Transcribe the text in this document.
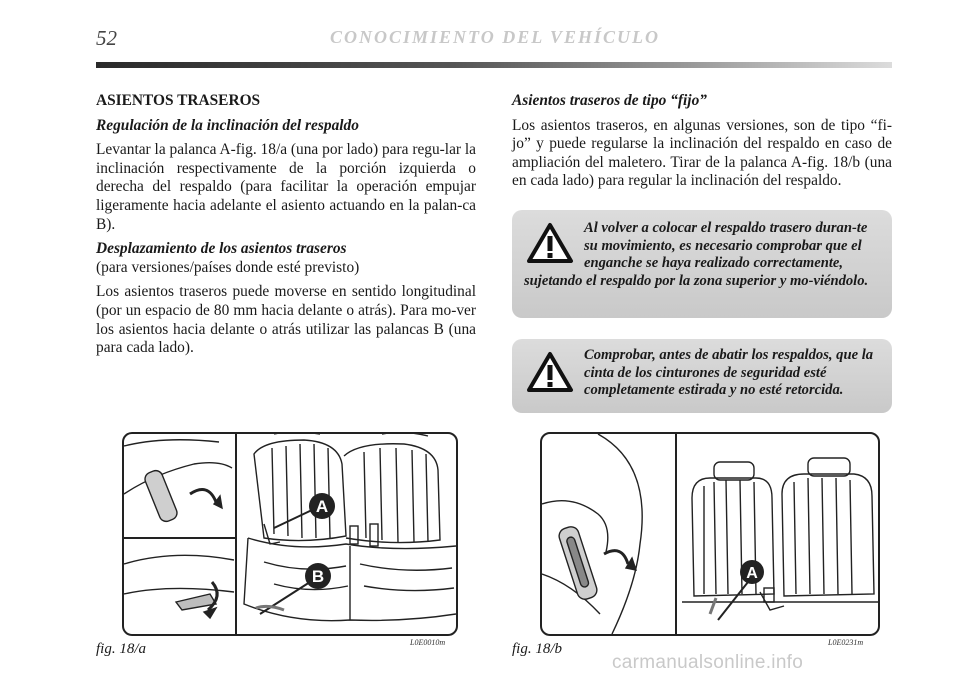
52	CONOCIMIENTO DEL VEHÍCULO
ASIENTOS TRASEROS

Regulación de la inclinación del respaldo

Levantar la palanca A-fig. 18/a (una por lado) para regu-lar la inclinación respectivamente de la porción izquierda o derecha del respaldo (para facilitar la operación empujar ligeramente hacia adelante el asiento actuando en la palan-ca B).

Desplazamiento de los asientos traseros
(para versiones/países donde esté previsto)

Los asientos traseros puede moverse en sentido longitudinal (por un espacio de 80 mm hacia delante o atrás). Para mo-ver los asientos hacia delante o atrás utilizar las palancas B (una para cada lado).

Asientos traseros de tipo “fijo”

Los asientos traseros, en algunas versiones, son de tipo “fi-jo” y puede regularse la inclinación del respaldo en caso de ampliación del maletero. Tirar de la palanca A-fig. 18/b (una en cada lado) para regular la inclinación del respaldo.

Al volver a colocar el respaldo trasero duran-te su movimiento, es necesario comprobar que el enganche se haya realizado correctamente, sujetando el respaldo por la zona superior y mo-viéndolo.
Comprobar, antes de abatir los respaldos, que la cinta de los cinturones de seguridad esté completamente estirada y no esté retorcida.
A
B	A
fig. 18/a	L0E0010m	fig. 18/b	L0E0231m
carmanualsonline.info
